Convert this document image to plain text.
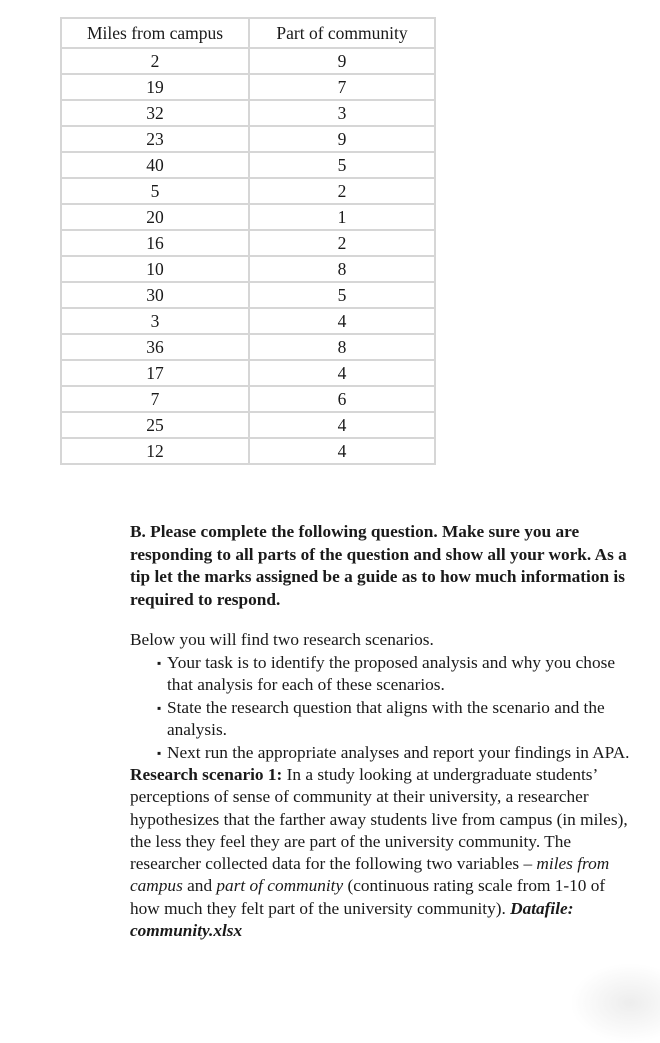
Miles from campus	Part of community
2	9
19	7
32	3
23	9
40	5
5	2
20	1
16	2
10	8
30	5
3	4
36	8
17	4
7	6
25	4
12	4

B. Please complete the following question. Make sure you are responding to all parts of the question and show all your work. As a tip let the marks assigned be a guide as to how much information is required to respond.

Below you will find two research scenarios.

▪ Your task is to identify the proposed analysis and why you chose that analysis for each of these scenarios.
▪ State the research question that aligns with the scenario and the analysis.
▪ Next run the appropriate analyses and report your findings in APA.

Research scenario 1: In a study looking at undergraduate students’ perceptions of sense of community at their university, a researcher hypothesizes that the farther away students live from campus (in miles), the less they feel they are part of the university community. The researcher collected data for the following two variables – miles from campus and part of community (continuous rating scale from 1-10 of how much they felt part of the university community). Datafile: community.xlsx
